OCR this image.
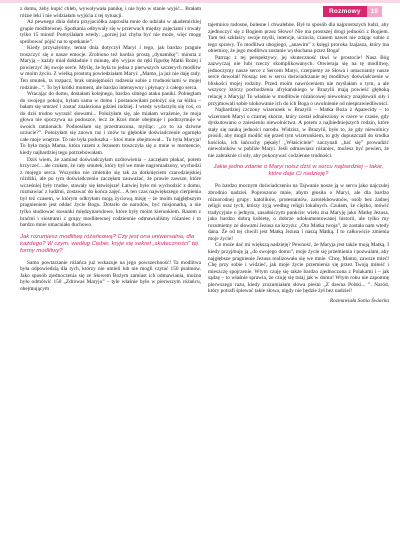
Rozmowy	19

z domu, żeby kupić chleb, wywoływała panikę, i nie było w stanie wyjść... Brałam różne leki i nie widziałam wyjścia z tej sytuacji.

Aż pewnego dnia dobra przyjaciółka zaprosiła mnie do udziału w akademickiej grupie modlitewnej. Spotkania odbywały się w przerwach między zajęciami i trwały tylko 15 minut! Pomyślałam wtedy: „gorzej już chyba być nie może, więc mogę spróbować pójść na to spotkanie”.

Kiedy przyszłyśmy, temat dnia dotyczył Maryi i tego, jak bardzo pragnie troszczyć się o nasze emocje. Zrobiono też bardzo prostą „dynamikę”: minuta z Maryją – każdy miał dokładnie 1 minutę, aby wyjaw do ręki figurkę Matki Bożej i powierzyć Jej swoje serce. Myślę, że była to jedna z pierwszych szczerych modlitw w moim życiu. Z wielką prostotą powiedziałam Maryi: „Mamo, ja już nie daję rady. Ten smutek, ta rozpacz, brak umiejętności radzenia sobie z trudnościami w mojej rodzinie...”. To był krótki moment, ale bardzo intensywny i płynący z całego serca.

Wracając do domu, dostałam kolejnego, bardzo silnego ataku paniki. Pobiegłam do swojego pokoju, byłam sama w domu i postanowiłam położyć się na łóżku – bałam się umrzeć i zostać znaleziona gdzieś indziej. I wtedy wydarzyło się coś, co do dziś trudno wyrazić słowami... Położyłam się, ale miałam wrażenie, że moja głowa nie spoczywa na poduszce, lecz że Ktoś mnie obejmuje i podtrzymuje w swoich ramionach. Podnosiłam się przestraszona, myśląc: „co to za dziwne uczucie?”. Położyłam się znowu raz i znów to głębokie doświadczenie ogarnęło całe moje wnętrze. To nie była poduszka – ktoś mnie obejmował... To była Maryja! To była moja Mama, która razem z Jezusem troszczyła się o mnie w momencie, kiedy najbardziej tego potrzebowałam.

Dziś wiem, że zamiast doświadczyłam uzdrowienia – zaczęłam płakać, potem krzyczeć... ale czułam, że cały smutek, który był we mnie nagromadzony, wychodzi z mojego serca. Wszystko nie zmieniło się tak za dotknięciem czarodziejskiej różdżki, ale po tym doświadczeniu zaczęłam zauważać, że prawie zawsze, które wcześniej były trudne, stawały się łatwiejsze! Łatwiej było mi wychodzić z domu, rozmawiać z ludźmi, zostawać do końca zajęć... A ten czas największego cierpienia był też czasem, w którym odkryłam moją życiową misję – że moim najgłębszym pragnieniem jest oddać życie Bogu. Dotarło do narodów, być misjonarką, a nie tylko studiować stosunki międzynarodowe, które były moim kierunkiem. Razem z braćmi i siostrami z grupy modlitewnej codziennie odmawialiśmy różaniec i to bardzo mnie umacniało duchowo.

Jak rozumiesz modlitwę różańcową? Czy jest ona uniwersalna, dla każdego? W czym, według Ciebie, kryje się sekret „skuteczności” tej formy modlitwy?

Samo powtarzanie różańca już wskazuje na jego powszechność! Ta modlitwa była odpowiedzią dla tych, którzy nie umieli lub nie mogli czytać 150 psalmów. Jako sposób zjednoczenia się ze Słowem Bożym zamiast ich odmawiania, można było odmówić 150 „Zdrowaś Maryjo” – tyle właśnie było w pierwszym różańcu, obejmującym

tajemnice radosne, bolesne i chwalebne. Był to sposób dla najprostszych ludzi, aby zjednoczyć się z Bogiem przez Słowo! Nie ma prostszej drogi jedności z Bogiem. Tam też szkłaścy swoje myśli, intencje, uczucia, czasem nawet nie zdając sobie z tego sprawy. To modlitwa ubogiego, „anawim” z księgi proroka Izajasza, który ma obietnicę, że jego modlitwa zostanie wysłuchana przez Boga!

Patrząc z tej perspektywy, jej skuteczność tkwi w prostocie! Nasz Bóg zazwyczaj nie lubi rzeczy skomplikowanych. Otwieraja się na tę modlitwę, jednoczymy nasze serce z Sercem Maryi, czerpiemy ze Słowa i umacniamy nasze serce dowolał! Nosząc ten w sercu doświadczanie tej modlitwy doświadczenie w bliskości mojej rodziny. Przed moim nawróceniem nie myślałam o tym, a ale wszyscy którzy pochodzenia afrykańskiego w Brazylii mają powieść głęboką relację z Maryją! To właśnie w modlitwie różańcowej niewolnicy znajdowali siły i przyjmowali sobie ulokowanie ich do ich Boga o uwolnienie od niesprawiedliwości.

Najbardziej czczony wizerunek w Brazylii – Matka Boża z Aparecidy – to wizerunek Maryi o czarnej skórze, który został odnaleziony w rzece w czasie, gdy dyskutowano o zniesieniu niewolnictwa. A potem z najbiedniejszych rodzin, które stały się nauką jedności narodu. Widzisz, w Brazylii, było to, że gdy niewolnicy prosili, aby mogli modlić się przed tym wizerunkiem, to gdy dopuszczali do środka kościoła, ich łańcuchy pękały! „Właściciele” zaczynali „bać się” prowadzić niewolników w pobliże Maryi. Jeśli odmawiasz różaniec, możesz być pewien, że nie zabraknie ci siły, aby pokonywać codzienne trudności.

Jakie jedno zdanie o Maryi noisz dziś w sercu najbardziej – takie, które daje Ci nadzieję?

Po bardzo mocnym doświadczeniu na Tajwanie nosze ją w sercu jako najczulej zbrodnio nadziei. Poproszono mnie, abym głosiła o Maryi, ale dla bardzo różnorodnej grupy: katolików, protestantów, zarotekbowanów, osób bez żadnej religii oraz tych, którzy żyją według religii lokalnych. Czułam, że ciężko, mówić tradycyjnie o jednym, zasadniczym punkcie: wielu zna Maryję jako Matkę Jezusa, jako bardzo dobrą kobietę, o dobrze udokumentowanej historii, ale tylko my rozumiemy ze słowami Jezusa na krzyżu: „Oto Matka twoja”, że została nam wtedy dana. Że od tej chwili jest Matką Jezusa i naszą Matką. I to całkowicie zmienia moje życie!

Co może dać mi większą nadzieję? Pewność, że Maryja jest także moją Matką. I kiedy przyjmuję ją „do swojego domu”, moje życie się przemienia i pozwalam, aby najgłębsze pragnienie Jezusa realizowało się we mnie. Chcę, Mamo, zawsze mieć! Chę przy sobie i widzieć, jak moje życie przemienia się przez Twoją miłość i mieszczę spojrzenie. Wtym czuję się także bardzo zjednoczona z Polakami i – jak sądzę – to właśnie sprawia, że czuję się tutaj jak w domu! Wtym roku nie zapomnę pierwszego razu, kiedy zrozumiałam słowa pieśni „Z dawna Polski... ”. Naród, który potrafi śpiewać takie słowa, nigdy nie będzie żył bez nadziei!

Rozmawiała Sonia Świacka
